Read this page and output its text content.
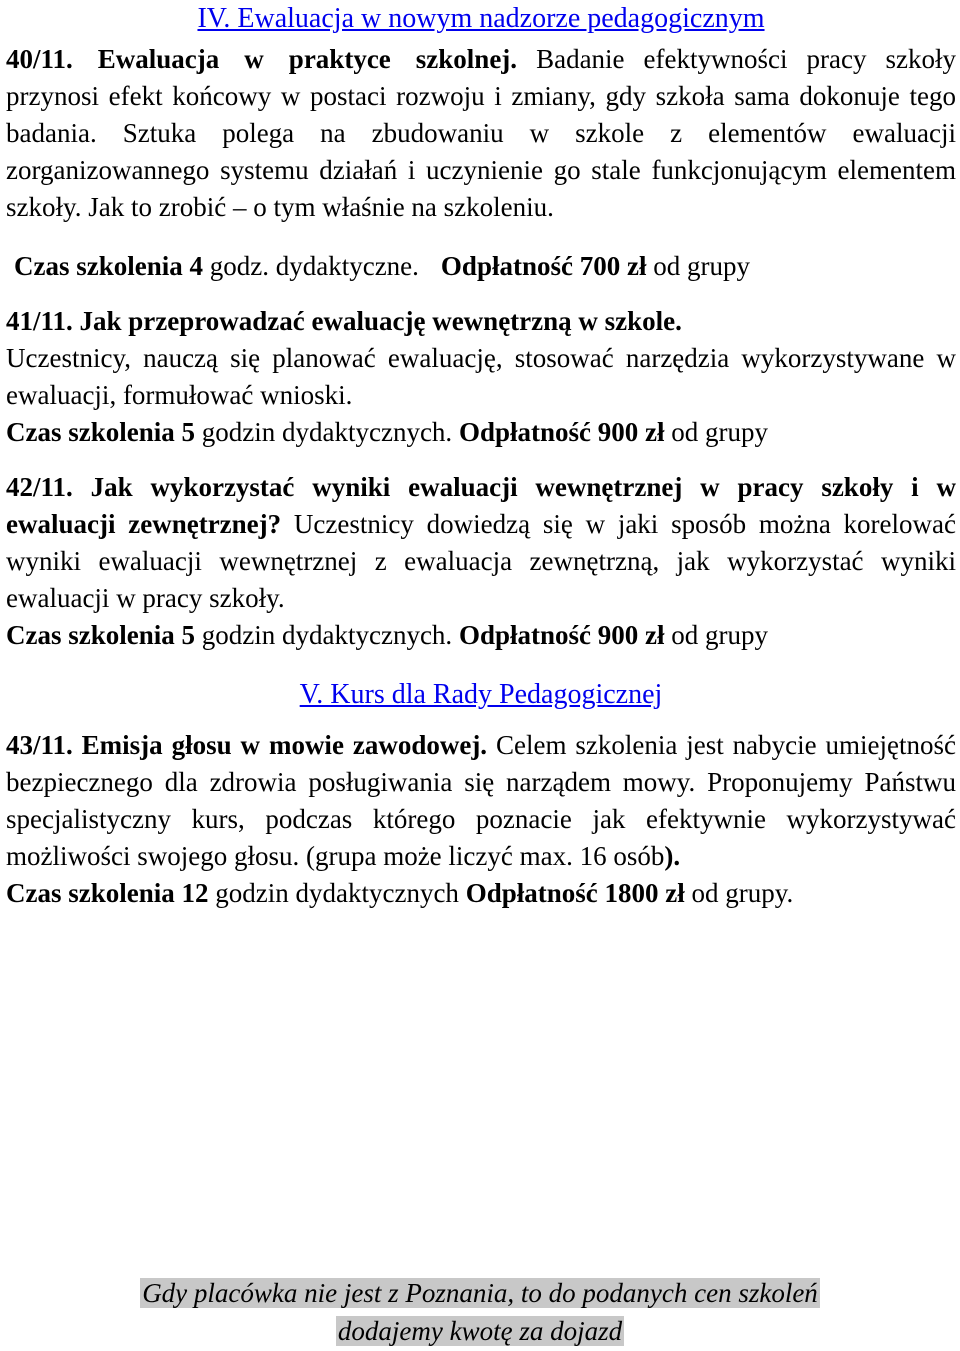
IV. Ewaluacja w nowym nadzorze pedagogicznym

40/11. Ewaluacja w praktyce szkolnej. Badanie efektywności pracy szkoły przynosi efekt końcowy w postaci rozwoju i zmiany, gdy szkoła sama dokonuje tego badania. Sztuka polega na zbudowaniu w szkole z elementów ewaluacji zorganizowannego systemu działań i uczynienie go stale funkcjonującym elementem szkoły. Jak to zrobić – o tym właśnie na szkoleniu.

Czas szkolenia 4 godz. dydaktyczne. Odpłatność 700 zł od grupy

41/11. Jak przeprowadzać ewaluację wewnętrzną w szkole.

Uczestnicy, nauczą się planować ewaluację, stosować narzędzia wykorzystywane w ewaluacji, formułować wnioski.

Czas szkolenia 5 godzin dydaktycznych. Odpłatność 900 zł od grupy

42/11. Jak wykorzystać wyniki ewaluacji wewnętrznej w pracy szkoły i w ewaluacji zewnętrznej? Uczestnicy dowiedzą się w jaki sposób można korelować wyniki ewaluacji wewnętrznej z ewaluacja zewnętrzną, jak wykorzystać wyniki ewaluacji w pracy szkoły.

Czas szkolenia 5 godzin dydaktycznych. Odpłatność 900 zł od grupy

V. Kurs dla Rady Pedagogicznej

43/11. Emisja głosu w mowie zawodowej. Celem szkolenia jest nabycie umiejętność bezpiecznego dla zdrowia posługiwania się narządem mowy. Proponujemy Państwu specjalistyczny kurs, podczas którego poznacie jak efektywnie wykorzystywać możliwości swojego głosu. (grupa może liczyć max. 16 osób).

Czas szkolenia 12 godzin dydaktycznych Odpłatność 1800 zł od grupy.

Gdy placówka nie jest z Poznania, to do podanych cen szkoleń
dodajemy kwotę za dojazd
